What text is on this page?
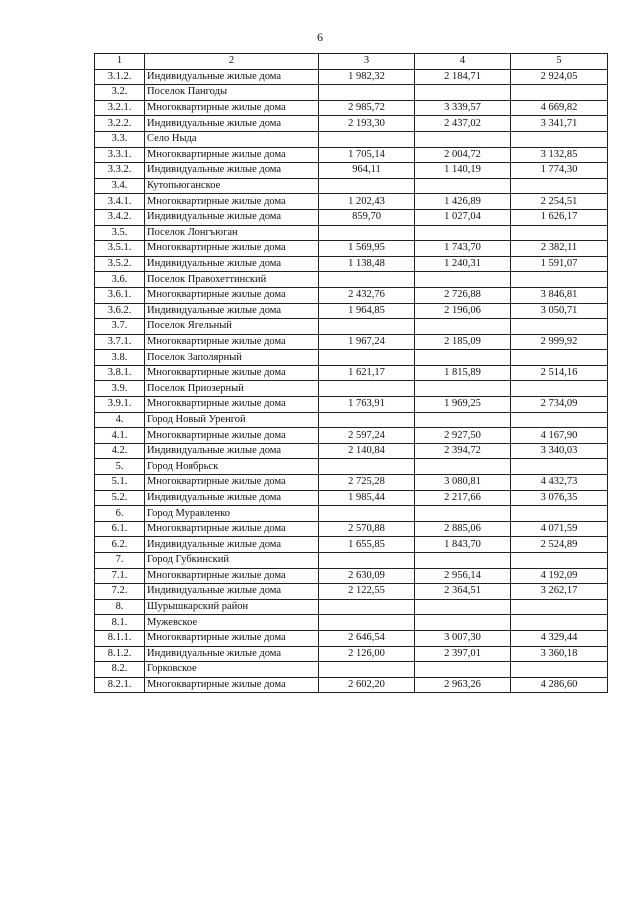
6
1	2	3	4	5
3.1.2.	Индивидуальные жилые дома	1 982,32	2 184,71	2 924,05
3.2.	Поселок Пангоды			
3.2.1.	Многоквартирные жилые дома	2 985,72	3 339,57	4 669,82
3.2.2.	Индивидуальные жилые дома	2 193,30	2 437,02	3 341,71
3.3.	Село Ныда			
3.3.1.	Многоквартирные жилые дома	1 705,14	2 004,72	3 132,85
3.3.2.	Индивидуальные жилые дома	964,11	1 140,19	1 774,30
3.4.	Кутопьюганское			
3.4.1.	Многоквартирные жилые дома	1 202,43	1 426,89	2 254,51
3.4.2.	Индивидуальные жилые дома	859,70	1 027,04	1 626,17
3.5.	Поселок Лонгъюган			
3.5.1.	Многоквартирные жилые дома	1 569,95	1 743,70	2 382,11
3.5.2.	Индивидуальные жилые дома	1 138,48	1 240,31	1 591,07
3.6.	Поселок Правохеттинский			
3.6.1.	Многоквартирные жилые дома	2 432,76	2 726,88	3 846,81
3.6.2.	Индивидуальные жилые дома	1 964,85	2 196,06	3 050,71
3.7.	Поселок Ягельный			
3.7.1.	Многоквартирные жилые дома	1 967,24	2 185,09	2 999,92
3.8.	Поселок Заполярный			
3.8.1.	Многоквартирные жилые дома	1 621,17	1 815,89	2 514,16
3.9.	Поселок Приозерный			
3.9.1.	Многоквартирные жилые дома	1 763,91	1 969,25	2 734,09
4.	Город Новый Уренгой			
4.1.	Многоквартирные жилые дома	2 597,24	2 927,50	4 167,90
4.2.	Индивидуальные жилые дома	2 140,84	2 394,72	3 340,03
5.	Город Ноябрьск			
5.1.	Многоквартирные жилые дома	2 725,28	3 080,81	4 432,73
5.2.	Индивидуальные жилые дома	1 985,44	2 217,66	3 076,35
6.	Город Муравленко			
6.1.	Многоквартирные жилые дома	2 570,88	2 885,06	4 071,59
6.2.	Индивидуальные жилые дома	1 655,85	1 843,70	2 524,89
7.	Город Губкинский			
7.1.	Многоквартирные жилые дома	2 630,09	2 956,14	4 192,09
7.2.	Индивидуальные жилые дома	2 122,55	2 364,51	3 262,17
8.	Шурышкарский район			
8.1.	Мужевское			
8.1.1.	Многоквартирные жилые дома	2 646,54	3 007,30	4 329,44
8.1.2.	Индивидуальные жилые дома	2 126,00	2 397,01	3 360,18
8.2.	Горковское			
8.2.1.	Многоквартирные жилые дома	2 602,20	2 963,26	4 286,60
